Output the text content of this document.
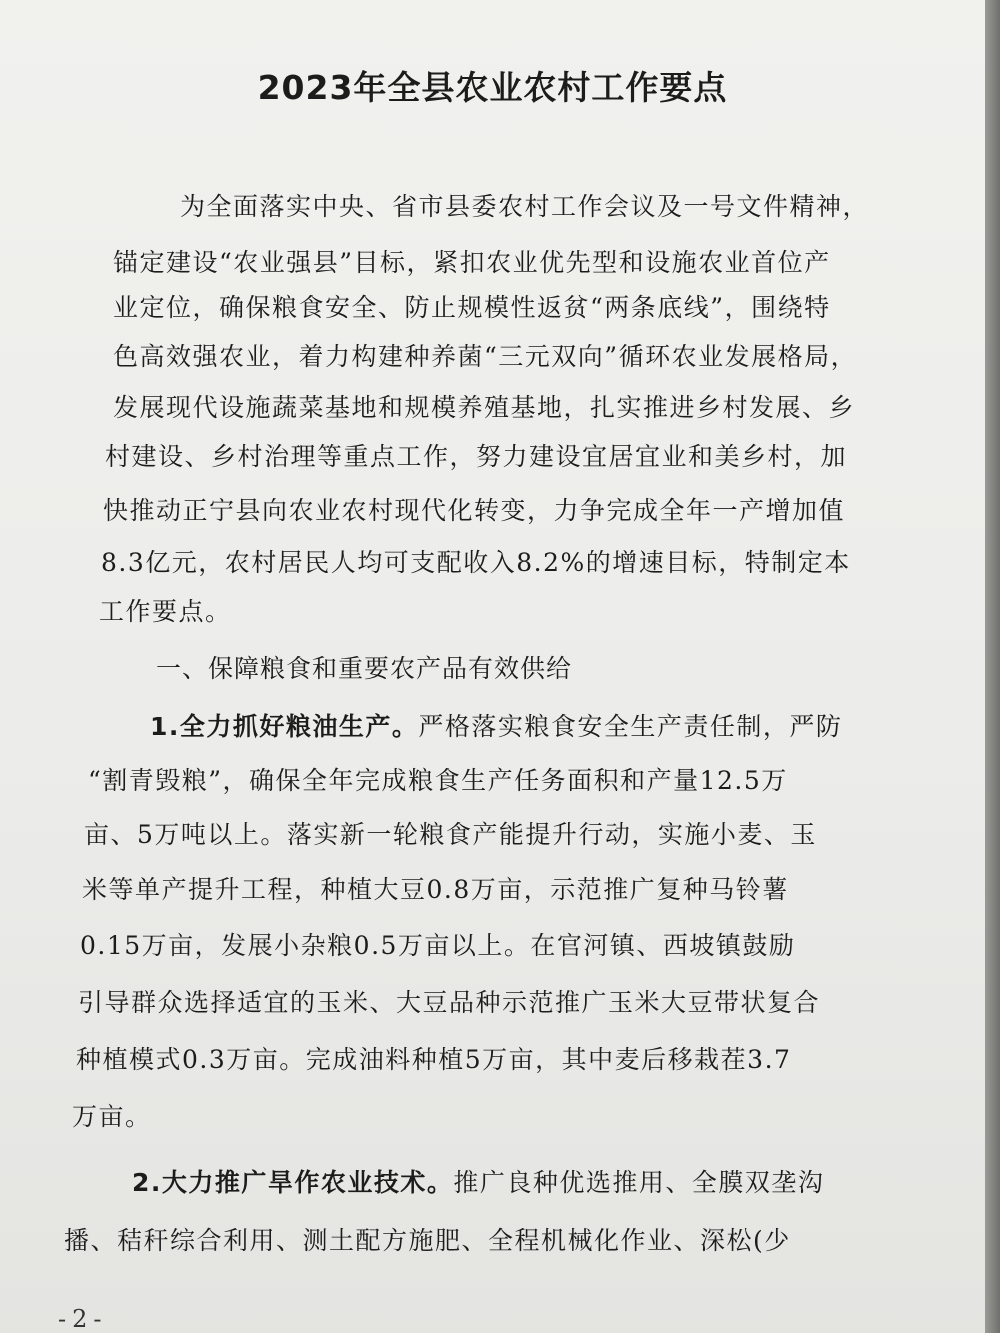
2023年全县农业农村工作要点
为全面落实中央、省市县委农村工作会议及一号文件精神，
锚定建设“农业强县”目标，紧扣农业优先型和设施农业首位产
业定位，确保粮食安全、防止规模性返贫“两条底线”，围绕特
色高效强农业，着力构建种养菌“三元双向”循环农业发展格局，
发展现代设施蔬菜基地和规模养殖基地，扎实推进乡村发展、乡
村建设、乡村治理等重点工作，努力建设宜居宜业和美乡村，加
快推动正宁县向农业农村现代化转变，力争完成全年一产增加值
8.3亿元，农村居民人均可支配收入8.2%的增速目标，特制定本
工作要点。
一、保障粮食和重要农产品有效供给
1.全力抓好粮油生产。严格落实粮食安全生产责任制，严防
“割青毁粮”，确保全年完成粮食生产任务面积和产量12.5万
亩、5万吨以上。落实新一轮粮食产能提升行动，实施小麦、玉
米等单产提升工程，种植大豆0.8万亩，示范推广复种马铃薯
0.15万亩，发展小杂粮0.5万亩以上。在官河镇、西坡镇鼓励
引导群众选择适宜的玉米、大豆品种示范推广玉米大豆带状复合
种植模式0.3万亩。完成油料种植5万亩，其中麦后移栽茬3.7
万亩。
2.大力推广旱作农业技术。推广良种优选推用、全膜双垄沟
播、秸秆综合利用、测土配方施肥、全程机械化作业、深松(少
-2-
